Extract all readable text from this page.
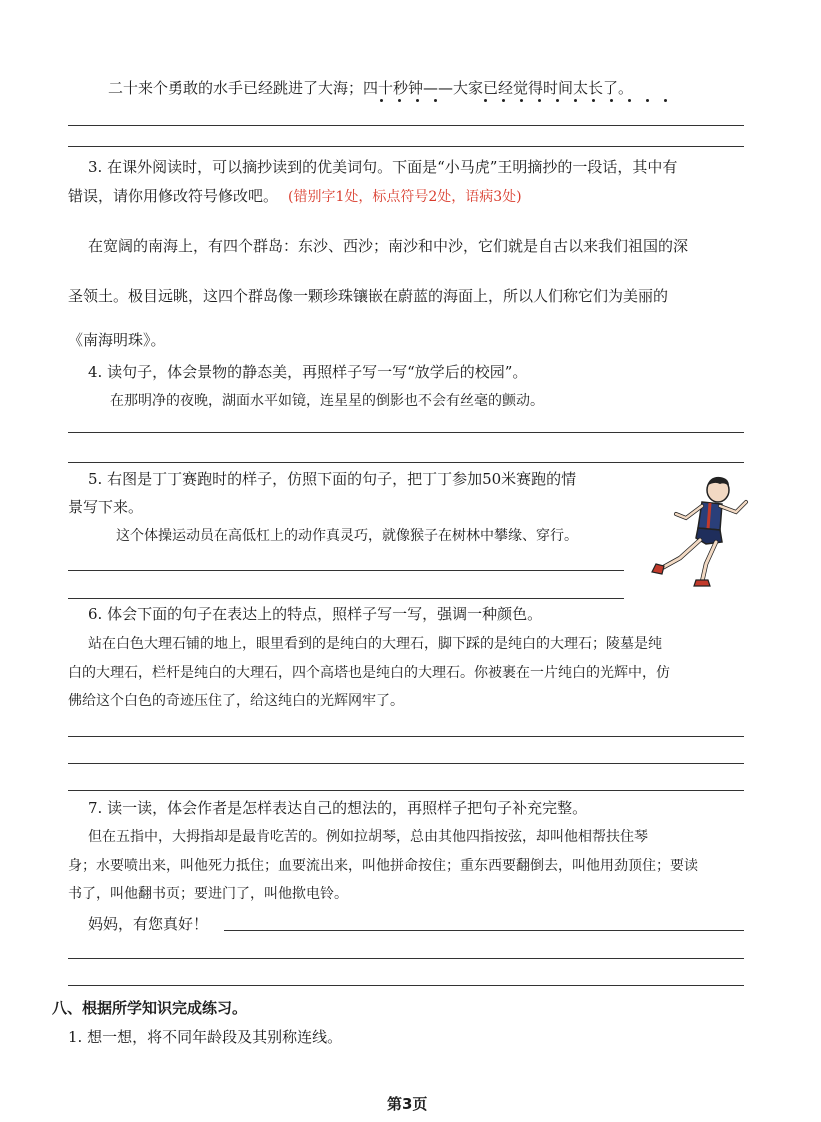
二十来个勇敢的水手已经跳进了大海；四十秒钟——大家已经觉得时间太长了。
3. 在课外阅读时，可以摘抄读到的优美词句。下面是“小马虎”王明摘抄的一段话，其中有
错误，请你用修改符号修改吧。 (错别字1处，标点符号2处，语病3处)
在宽阔的南海上，有四个群岛：东沙、西沙；南沙和中沙，它们就是自古以来我们祖国的深
圣领土。极目远眺，这四个群岛像一颗珍珠镶嵌在蔚蓝的海面上，所以人们称它们为美丽的
《南海明珠》。
4. 读句子，体会景物的静态美，再照样子写一写“放学后的校园”。
在那明净的夜晚，湖面水平如镜，连星星的倒影也不会有丝毫的颤动。
5. 右图是丁丁赛跑时的样子，仿照下面的句子，把丁丁参加50米赛跑的情
景写下来。
这个体操运动员在高低杠上的动作真灵巧，就像猴子在树林中攀缘、穿行。
6. 体会下面的句子在表达上的特点，照样子写一写，强调一种颜色。
站在白色大理石铺的地上，眼里看到的是纯白的大理石，脚下踩的是纯白的大理石；陵墓是纯
白的大理石，栏杆是纯白的大理石，四个高塔也是纯白的大理石。你被裹在一片纯白的光辉中，仿
佛给这个白色的奇迹压住了，给这纯白的光辉网牢了。
7. 读一读，体会作者是怎样表达自己的想法的，再照样子把句子补充完整。
但在五指中，大拇指却是最肯吃苦的。例如拉胡琴，总由其他四指按弦，却叫他相帮扶住琴
身；水要喷出来，叫他死力抵住；血要流出来，叫他拼命按住；重东西要翻倒去，叫他用劲顶住；要读
书了，叫他翻书页；要进门了，叫他揿电铃。
妈妈，有您真好！
八、根据所学知识完成练习。
1. 想一想，将不同年龄段及其别称连线。
第3页
